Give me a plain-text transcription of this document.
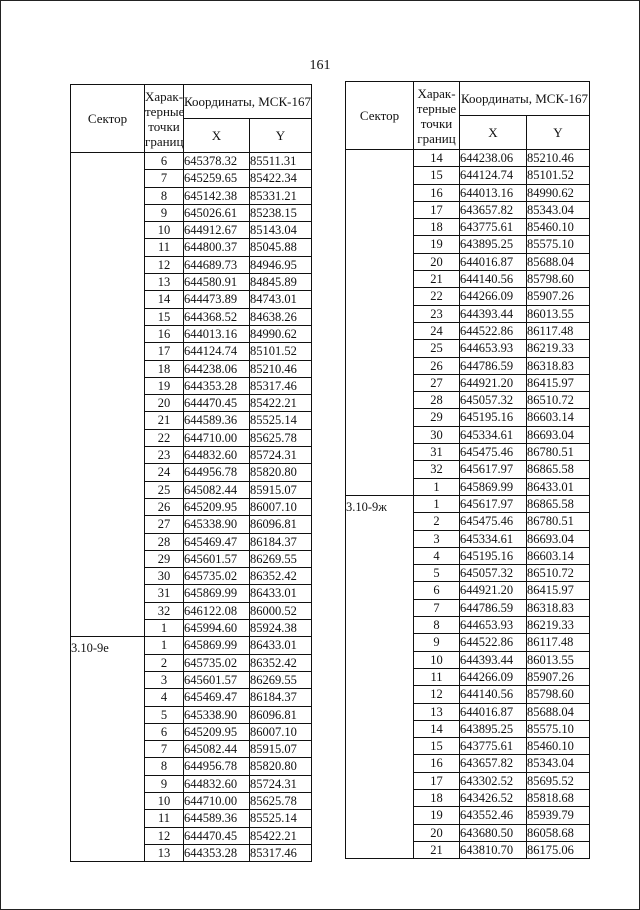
161
Сектор	Харак-терные точки границ	Координаты, МСК-167	
		X	Y

	6	645378.32	85511.31
	7	645259.65	85422.34
	8	645142.38	85331.21
	9	645026.61	85238.15
	10	644912.67	85143.04
	11	644800.37	85045.88
	12	644689.73	84946.95
	13	644580.91	84845.89
	14	644473.89	84743.01
	15	644368.52	84638.26
	16	644013.16	84990.62
	17	644124.74	85101.52
	18	644238.06	85210.46
	19	644353.28	85317.46
	20	644470.45	85422.21
	21	644589.36	85525.14
	22	644710.00	85625.78
	23	644832.60	85724.31
	24	644956.78	85820.80
	25	645082.44	85915.07
	26	645209.95	86007.10
	27	645338.90	86096.81
	28	645469.47	86184.37
	29	645601.57	86269.55
	30	645735.02	86352.42
	31	645869.99	86433.01
	32	646122.08	86000.52
	1	645994.60	85924.38

3.10-9е	1	645869.99	86433.01
	2	645735.02	86352.42
	3	645601.57	86269.55
	4	645469.47	86184.37
	5	645338.90	86096.81
	6	645209.95	86007.10
	7	645082.44	85915.07
	8	644956.78	85820.80
	9	644832.60	85724.31
	10	644710.00	85625.78
	11	644589.36	85525.14
	12	644470.45	85422.21
	13	644353.28	85317.46
Сектор	Харак-терные точки границ	Координаты, МСК-167	
		X	Y

	14	644238.06	85210.46
	15	644124.74	85101.52
	16	644013.16	84990.62
	17	643657.82	85343.04
	18	643775.61	85460.10
	19	643895.25	85575.10
	20	644016.87	85688.04
	21	644140.56	85798.60
	22	644266.09	85907.26
	23	644393.44	86013.55
	24	644522.86	86117.48
	25	644653.93	86219.33
	26	644786.59	86318.83
	27	644921.20	86415.97
	28	645057.32	86510.72
	29	645195.16	86603.14
	30	645334.61	86693.04
	31	645475.46	86780.51
	32	645617.97	86865.58
	1	645869.99	86433.01

3.10-9ж	1	645617.97	86865.58
	2	645475.46	86780.51
	3	645334.61	86693.04
	4	645195.16	86603.14
	5	645057.32	86510.72
	6	644921.20	86415.97
	7	644786.59	86318.83
	8	644653.93	86219.33
	9	644522.86	86117.48
	10	644393.44	86013.55
	11	644266.09	85907.26
	12	644140.56	85798.60
	13	644016.87	85688.04
	14	643895.25	85575.10
	15	643775.61	85460.10
	16	643657.82	85343.04
	17	643302.52	85695.52
	18	643426.52	85818.68
	19	643552.46	85939.79
	20	643680.50	86058.68
	21	643810.70	86175.06
